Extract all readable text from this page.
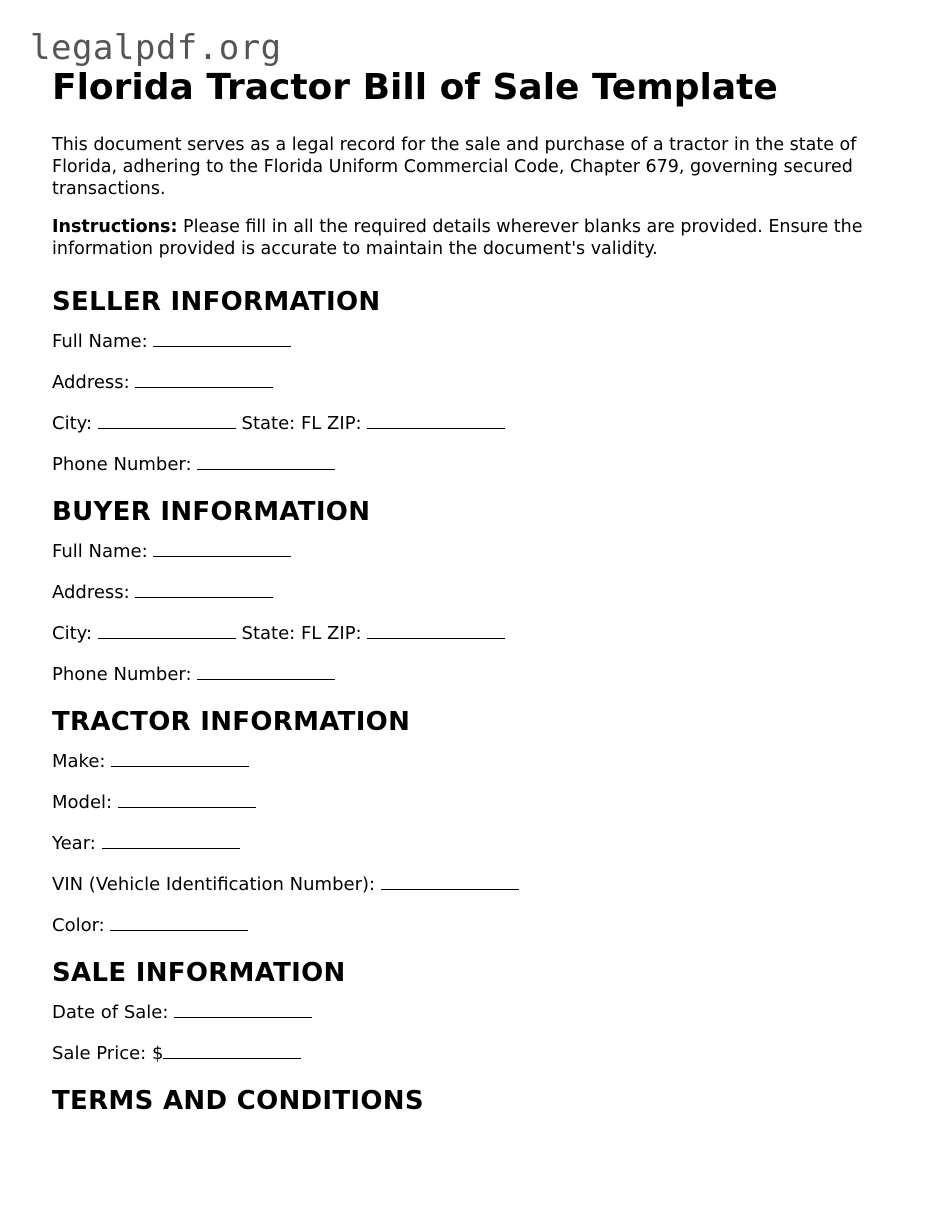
legalpdf.org
Florida Tractor Bill of Sale Template

This document serves as a legal record for the sale and purchase of a tractor in the state of Florida, adhering to the Florida Uniform Commercial Code, Chapter 679, governing secured transactions.

Instructions: Please fill in all the required details wherever blanks are provided. Ensure the information provided is accurate to maintain the document's validity.

SELLER INFORMATION
Full Name:
Address:
City:	State: FL ZIP:
Phone Number:
BUYER INFORMATION
Full Name:
Address:
City:	State: FL ZIP:
Phone Number:
TRACTOR INFORMATION
Make:
Model:
Year:
VIN (Vehicle Identification Number):
Color:
SALE INFORMATION
Date of Sale:
Sale Price: $
TERMS AND CONDITIONS
